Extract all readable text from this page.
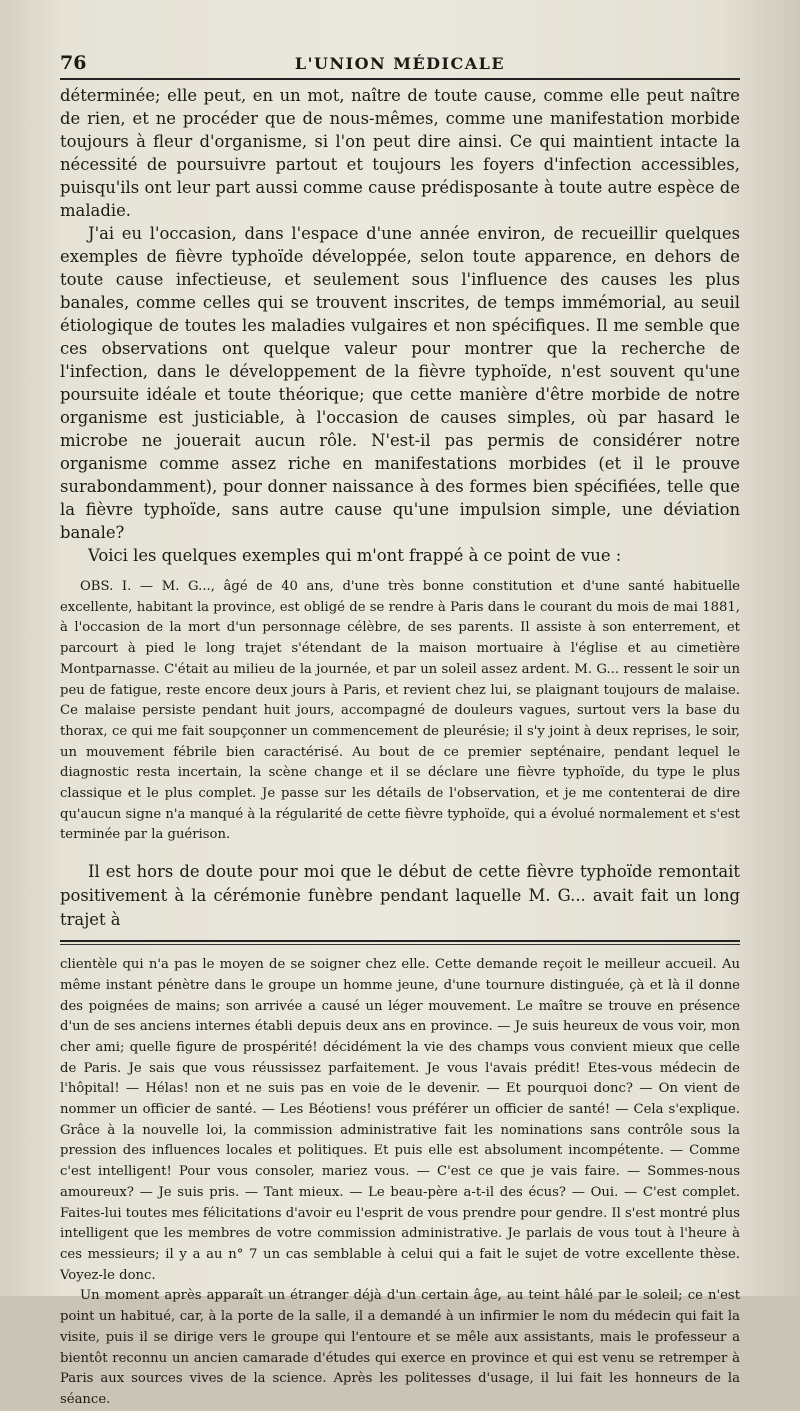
76	L'UNION MÉDICALE

déterminée; elle peut, en un mot, naître de toute cause, comme elle peut naître de rien, et ne procéder que de nous-mêmes, comme une manifestation morbide toujours à fleur d'organisme, si l'on peut dire ainsi. Ce qui maintient intacte la nécessité de poursuivre partout et toujours les foyers d'infection accessibles, puisqu'ils ont leur part aussi comme cause prédisposante à toute autre espèce de maladie.

J'ai eu l'occasion, dans l'espace d'une année environ, de recueillir quelques exemples de fièvre typhoïde développée, selon toute apparence, en dehors de toute cause infectieuse, et seulement sous l'influence des causes les plus banales, comme celles qui se trouvent inscrites, de temps immémorial, au seuil étiologique de toutes les maladies vulgaires et non spécifiques. Il me semble que ces observations ont quelque valeur pour montrer que la recherche de l'infection, dans le développement de la fièvre typhoïde, n'est souvent qu'une poursuite idéale et toute théorique; que cette manière d'être morbide de notre organisme est justiciable, à l'occasion de causes simples, où par hasard le microbe ne jouerait aucun rôle. N'est-il pas permis de considérer notre organisme comme assez riche en manifestations morbides (et il le prouve surabondamment), pour donner naissance à des formes bien spécifiées, telle que la fièvre typhoïde, sans autre cause qu'une impulsion simple, une déviation banale?

Voici les quelques exemples qui m'ont frappé à ce point de vue :

OBS. I. — M. G..., âgé de 40 ans, d'une très bonne constitution et d'une santé habituelle excellente, habitant la province, est obligé de se rendre à Paris dans le courant du mois de mai 1881, à l'occasion de la mort d'un personnage célèbre, de ses parents. Il assiste à son enterrement, et parcourt à pied le long trajet s'étendant de la maison mortuaire à l'église et au cimetière Montparnasse. C'était au milieu de la journée, et par un soleil assez ardent. M. G... ressent le soir un peu de fatigue, reste encore deux jours à Paris, et revient chez lui, se plaignant toujours de malaise. Ce malaise persiste pendant huit jours, accompagné de douleurs vagues, surtout vers la base du thorax, ce qui me fait soupçonner un commencement de pleurésie; il s'y joint à deux reprises, le soir, un mouvement fébrile bien caractérisé. Au bout de ce premier septénaire, pendant lequel le diagnostic resta incertain, la scène change et il se déclare une fièvre typhoïde, du type le plus classique et le plus complet. Je passe sur les détails de l'observation, et je me contenterai de dire qu'aucun signe n'a manqué à la régularité de cette fièvre typhoïde, qui a évolué normalement et s'est terminée par la guérison.

Il est hors de doute pour moi que le début de cette fièvre typhoïde remontait positivement à la cérémonie funèbre pendant laquelle M. G... avait fait un long trajet à

clientèle qui n'a pas le moyen de se soigner chez elle. Cette demande reçoit le meilleur accueil. Au même instant pénètre dans le groupe un homme jeune, d'une tournure distinguée, çà et là il donne des poignées de mains; son arrivée a causé un léger mouvement. Le maître se trouve en présence d'un de ses anciens internes établi depuis deux ans en province. — Je suis heureux de vous voir, mon cher ami; quelle figure de prospérité! décidément la vie des champs vous convient mieux que celle de Paris. Je sais que vous réussissez parfaitement. Je vous l'avais prédit! Etes-vous médecin de l'hôpital! — Hélas! non et ne suis pas en voie de le devenir. — Et pourquoi donc? — On vient de nommer un officier de santé. — Les Béotiens! vous préférer un officier de santé! — Cela s'explique. Grâce à la nouvelle loi, la commission administrative fait les nominations sans contrôle sous la pression des influences locales et politiques. Et puis elle est absolument incompétente. — Comme c'est intelligent! Pour vous consoler, mariez vous. — C'est ce que je vais faire. — Sommes-nous amoureux? — Je suis pris. — Tant mieux. — Le beau-père a-t-il des écus? — Oui. — C'est complet. Faites-lui toutes mes félicitations d'avoir eu l'esprit de vous prendre pour gendre. Il s'est montré plus intelligent que les membres de votre commission administrative. Je parlais de vous tout à l'heure à ces messieurs; il y a au n° 7 un cas semblable à celui qui a fait le sujet de votre excellente thèse. Voyez-le donc.

Un moment après apparaît un étranger déjà d'un certain âge, au teint hâlé par le soleil; ce n'est point un habitué, car, à la porte de la salle, il a demandé à un infirmier le nom du médecin qui fait la visite, puis il se dirige vers le groupe qui l'entoure et se mêle aux assistants, mais le professeur a bientôt reconnu un ancien camarade d'études qui exerce en province et qui est venu se retremper à Paris aux sources vives de la science. Après les politesses d'usage, il lui fait les honneurs de la séance.
